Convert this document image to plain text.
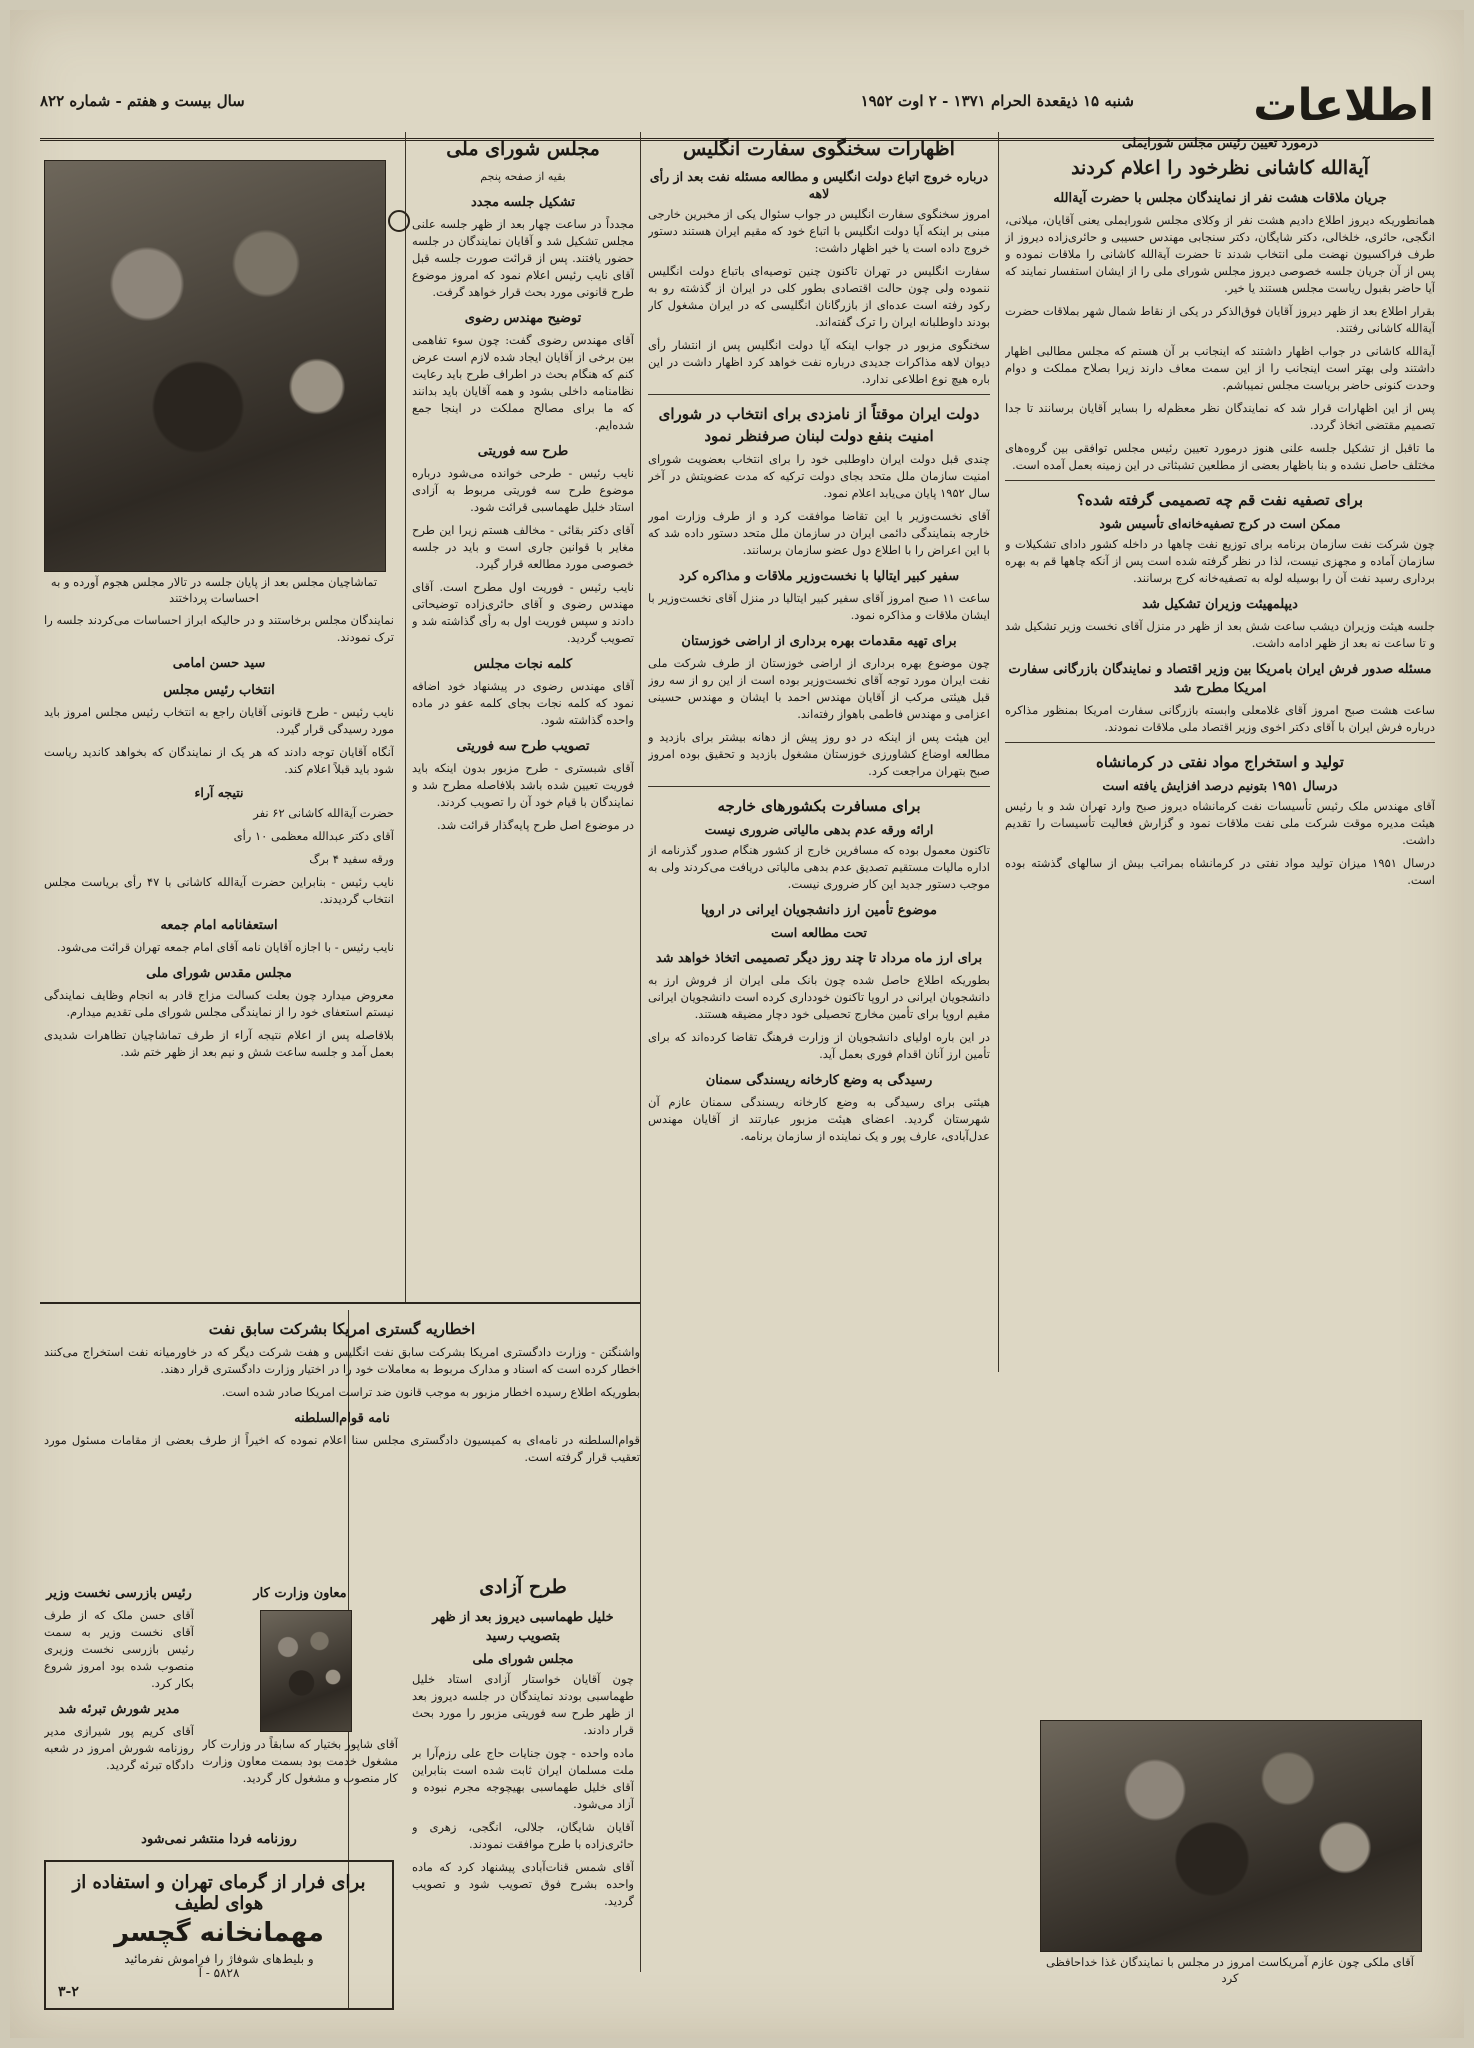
اطلاعات
شنبه ۱۵ ذیقعدة الحرام ۱۳۷۱ - ۲ اوت ۱۹۵۲
سال بیست و هفتم - شماره ۸۲۲
درمورد تعیین رئیس مجلس شورایملی
آیة‌الله کاشانی نظرخود را اعلام کردند
جریان ملاقات هشت نفر از نمایندگان مجلس با حضرت آیة‌الله

همانطوریکه دیروز اطلاع دادیم هشت نفر از وکلای مجلس شورایملی یعنی آقایان، میلانی، انگجی، حائری، خلخالی، دکتر شایگان، دکتر سنجابی مهندس حسیبی و حائری‌زاده دیروز از طرف فراکسیون نهضت ملی انتخاب شدند تا حضرت آیة‌الله کاشانی را ملاقات نموده و پس از آن جریان جلسه خصوصی دیروز مجلس شورای ملی را از ایشان استفسار نمایند که آیا حاضر بقبول ریاست مجلس هستند یا خیر.

بقرار اطلاع بعد از ظهر دیروز آقایان فوق‌الذکر در یکی از نقاط شمال شهر بملاقات حضرت آیة‌الله کاشانی رفتند.

آیة‌الله کاشانی در جواب اظهار داشتند که اینجانب بر آن هستم که مجلس مطالبی اظهار داشتند ولی بهتر است اینجانب را از این سمت معاف دارند زیرا بصلاح مملکت و دوام وحدت کنونی حاضر بریاست مجلس نمیباشم.

پس از این اظهارات قرار شد که نمایندگان نظر معظم‌له را بسایر آقایان برسانند تا جدا تصمیم مقتضی اتخاذ گردد.

ما تاقبل از تشکیل جلسه علنی هنوز درمورد تعیین رئیس مجلس توافقی بین گروه‌های مختلف حاصل نشده و بنا باظهار بعضی از مطلعین تشبثاتی در این زمینه بعمل آمده است.

برای تصفیه نفت قم چه تصمیمی گرفته شده؟
ممکن است در کرج تصفیه‌خانه‌ای تأسیس شود

چون شرکت نفت سازمان برنامه برای توزیع نفت چاهها در داخله کشور دادای تشکیلات و سازمان آماده و مجهزی نیست، لذا در نظر گرفته شده است پس از آنکه چاهها قم به بهره برداری رسید نفت آن را بوسیله لوله به تصفیه‌خانه کرج برسانند.

دیپلمهیئت وزیران تشکیل شد

جلسه هیئت وزیران دیشب ساعت شش بعد از ظهر در منزل آقای نخست وزیر تشکیل شد و تا ساعت نه بعد از ظهر ادامه داشت.

مسئله صدور فرش ایران بامریکا بین وزیر اقتصاد و نمایندگان بازرگانی سفارت امریکا مطرح شد

ساعت هشت صبح امروز آقای غلامعلی وابسته بازرگانی سفارت امریکا بمنظور مذاکره درباره فرش ایران با آقای دکتر اخوی وزیر اقتصاد ملی ملاقات نمودند.

تولید و استخراج مواد نفتی در کرمانشاه
درسال ۱۹۵۱ بتونیم درصد افزایش یافته است

آقای مهندس ملک رئیس تأسیسات نفت کرمانشاه دیروز صبح وارد تهران شد و با رئیس هیئت مدیره موقت شرکت ملی نفت ملاقات نمود و گزارش فعالیت تأسیسات را تقدیم داشت.

درسال ۱۹۵۱ میزان تولید مواد نفتی در کرمانشاه بمراتب بیش از سالهای گذشته بوده است.

آقای ملکی چون عازم آمریکاست امروز در مجلس با نمایندگان غذا خداحافظی کرد
اظهارات سخنگوی سفارت انگلیس
درباره خروج اتباع دولت انگلیس و مطالعه مسئله نفت بعد از رأی لاهه

امروز سخنگوی سفارت انگلیس در جواب سئوال یکی از مخبرین خارجی مبنی بر اینکه آیا دولت انگلیس با اتباع خود که مقیم ایران هستند دستور خروج داده است یا خیر اظهار داشت:

سفارت انگلیس در تهران تاکنون چنین توصیه‌ای باتباع دولت انگلیس ننموده ولی چون حالت اقتصادی بطور کلی در ایران از گذشته رو به رکود رفته است عده‌ای از بازرگانان انگلیسی که در ایران مشغول کار بودند داوطلبانه ایران را ترک گفته‌اند.

سخنگوی مزبور در جواب اینکه آیا دولت انگلیس پس از انتشار رأی دیوان لاهه مذاکرات جدیدی درباره نفت خواهد کرد اظهار داشت در این باره هیچ نوع اطلاعی ندارد.

دولت ایران موقتاً از نامزدی برای انتخاب در شورای امنیت بنفع دولت لبنان صرفنظر نمود

چندی قبل دولت ایران داوطلبی خود را برای انتخاب بعضویت شورای امنیت سازمان ملل متحد بجای دولت ترکیه که مدت عضویتش در آخر سال ۱۹۵۲ پایان می‌یابد اعلام نمود.

آقای نخست‌وزیر با این تقاضا موافقت کرد و از طرف وزارت امور خارجه بنمایندگی دائمی ایران در سازمان ملل متحد دستور داده شد که با این اعراض را با اطلاع دول عضو سازمان برسانند.

سفیر کبیر ایتالیا با نخست‌وزیر ملاقات و مذاکره کرد

ساعت ۱۱ صبح امروز آقای سفیر کبیر ایتالیا در منزل آقای نخست‌وزیر با ایشان ملاقات و مذاکره نمود.

برای تهیه مقدمات بهره برداری از اراضی خوزستان

چون موضوع بهره برداری از اراضی خوزستان از طرف شرکت ملی نفت ایران مورد توجه آقای نخست‌وزیر بوده است از این رو از سه روز قبل هیئتی مرکب از آقایان مهندس احمد با ایشان و مهندس حسینی اعزامی و مهندس فاطمی باهواز رفته‌اند.

این هیئت پس از اینکه در دو روز پیش از دهانه بیشتر برای بازدید و مطالعه اوضاع کشاورزی خوزستان مشغول بازدید و تحقیق بوده امروز صبح بتهران مراجعت کرد.

برای مسافرت بکشورهای خارجه
ارائه ورقه عدم بدهی مالیاتی ضروری نیست

تاکنون معمول بوده که مسافرین خارج از کشور هنگام صدور گذرنامه از اداره مالیات مستقیم تصدیق عدم بدهی مالیاتی دریافت می‌کردند ولی به موجب دستور جدید این کار ضروری نیست.

موضوع تأمین ارز دانشجویان ایرانی در اروپا
تحت مطالعه است
برای ارز ماه مرداد تا چند روز دیگر تصمیمی اتخاذ خواهد شد

بطوریکه اطلاع حاصل شده چون بانک ملی ایران از فروش ارز به دانشجویان ایرانی در اروپا تاکنون خودداری کرده است دانشجویان ایرانی مقیم اروپا برای تأمین مخارج تحصیلی خود دچار مضیقه هستند.

در این باره اولیای دانشجویان از وزارت فرهنگ تقاضا کرده‌اند که برای تأمین ارز آنان اقدام فوری بعمل آید.

رسیدگی به وضع کارخانه ریسندگی سمنان

هیئتی برای رسیدگی به وضع کارخانه ریسندگی سمنان عازم آن شهرستان گردید. اعضای هیئت مزبور عبارتند از آقایان مهندس عدل‌آبادی، عارف پور و یک نماینده از سازمان برنامه.

مجلس شورای ملی
بقیه از صفحه پنجم
تشکیل جلسه مجدد

مجدداً در ساعت چهار بعد از ظهر جلسه علنی مجلس تشکیل شد و آقایان نمایندگان در جلسه حضور یافتند. پس از قرائت صورت جلسه قبل آقای نایب رئیس اعلام نمود که امروز موضوع طرح قانونی مورد بحث قرار خواهد گرفت.

توضیح مهندس رضوی

آقای مهندس رضوی گفت: چون سوء تفاهمی بین برخی از آقایان ایجاد شده لازم است عرض کنم که هنگام بحث در اطراف طرح باید رعایت نظامنامه داخلی بشود و همه آقایان باید بدانند که ما برای مصالح مملکت در اینجا جمع شده‌ایم.

طرح سه فوریتی

نایب رئیس - طرحی خوانده می‌شود درباره موضوع طرح سه فوریتی مربوط به آزادی استاد خلیل طهماسبی قرائت شود.

آقای دکتر بقائی - مخالف هستم زیرا این طرح مغایر با قوانین جاری است و باید در جلسه خصوصی مورد مطالعه قرار گیرد.

نایب رئیس - فوریت اول مطرح است. آقای مهندس رضوی و آقای حائری‌زاده توضیحاتی دادند و سپس فوریت اول به رأی گذاشته شد و تصویب گردید.

کلمه نجات مجلس

آقای مهندس رضوی در پیشنهاد خود اضافه نمود که کلمه نجات بجای کلمه عفو در ماده واحده گذاشته شود.

تصویب طرح سه فوریتی

آقای شبستری - طرح مزبور بدون اینکه باید فوریت تعیین شده باشد بلافاصله مطرح شد و نمایندگان با قیام خود آن را تصویب کردند.

در موضوع اصل طرح پایه‌گذار قرائت شد.

تماشاچیان مجلس بعد از پایان جلسه در تالار مجلس هجوم آورده و به احساسات پرداختند

نمایندگان مجلس برخاستند و در حالیکه ابراز احساسات می‌کردند جلسه را ترک نمودند.

سید حسن امامی
انتخاب رئیس مجلس

نایب رئیس - طرح قانونی آقایان راجع به انتخاب رئیس مجلس امروز باید مورد رسیدگی قرار گیرد.

آنگاه آقایان توجه دادند که هر یک از نمایندگان که بخواهد کاندید ریاست شود باید قبلاً اعلام کند.

نتیجه آراء

حضرت آیة‌الله کاشانی ۶۲ نفر

آقای دکتر عبدالله معظمی ۱۰ رأی

ورقه سفید ۴ برگ

نایب رئیس - بنابراین حضرت آیة‌الله کاشانی با ۴۷ رأی بریاست مجلس انتخاب گردیدند.

استعفانامه امام جمعه

نایب رئیس - با اجازه آقایان نامه آقای امام جمعه تهران قرائت می‌شود.

مجلس مقدس شورای ملی

معروض میدارد چون بعلت کسالت مزاج قادر به انجام وظایف نمایندگی نیستم استعفای خود را از نمایندگی مجلس شورای ملی تقدیم میدارم.

بلافاصله پس از اعلام نتیجه آراء از طرف تماشاچیان تظاهرات شدیدی بعمل آمد و جلسه ساعت شش و نیم بعد از ظهر ختم شد.

اخطاریه گستری امریکا بشرکت سابق نفت

واشنگتن - وزارت دادگستری امریکا بشرکت سابق نفت انگلیس و هفت شرکت دیگر که در خاورمیانه نفت استخراج می‌کنند اخطار کرده است که اسناد و مدارک مربوط به معاملات خود را در اختیار وزارت دادگستری قرار دهند.

بطوریکه اطلاع رسیده اخطار مزبور به موجب قانون ضد تراست امریکا صادر شده است.

نامه قوام‌السلطنه

قوام‌السلطنه در نامه‌ای به کمیسیون دادگستری مجلس سنا اعلام نموده که اخیراً از طرف بعضی از مقامات مسئول مورد تعقیب قرار گرفته است.

طرح آزادی
خلیل طهماسبی دیروز بعد از ظهر بتصویب رسید
مجلس شورای ملی

چون آقایان خواستار آزادی استاد خلیل طهماسبی بودند نمایندگان در جلسه دیروز بعد از ظهر طرح سه فوریتی مزبور را مورد بحث قرار دادند.

ماده واحده - چون جنایات حاج علی رزم‌آرا بر ملت مسلمان ایران ثابت شده است بنابراین آقای خلیل طهماسبی بهیچوجه مجرم نبوده و آزاد می‌شود.

آقایان شایگان، جلالی، انگجی، زهری و حائری‌زاده با طرح موافقت نمودند.

آقای شمس قنات‌آبادی پیشنهاد کرد که ماده واحده بشرح فوق تصویب شود و تصویب گردید.

رئیس بازرسی نخست وزیر

آقای حسن ملک که از طرف آقای نخست وزیر به سمت رئیس بازرسی نخست وزیری منصوب شده بود امروز شروع بکار کرد.

مدیر شورش تبرئه شد

آقای کریم پور شیرازی مدیر روزنامه شورش امروز در شعبه دادگاه تبرئه گردید.

روزنامه فردا منتشر نمی‌شود
معاون وزارت کار

آقای شاپور بختیار که سابقاً در وزارت کار مشغول خدمت بود بسمت معاون وزارت کار منصوب و مشغول کار گردید.

برای فرار از گرمای تهران و استفاده از هوای لطیف
مهمانخانه گچسر
و بلیط‌های شوفاژ را فراموش نفرمائید
۵۸۲۸ - آ
۳-۲
